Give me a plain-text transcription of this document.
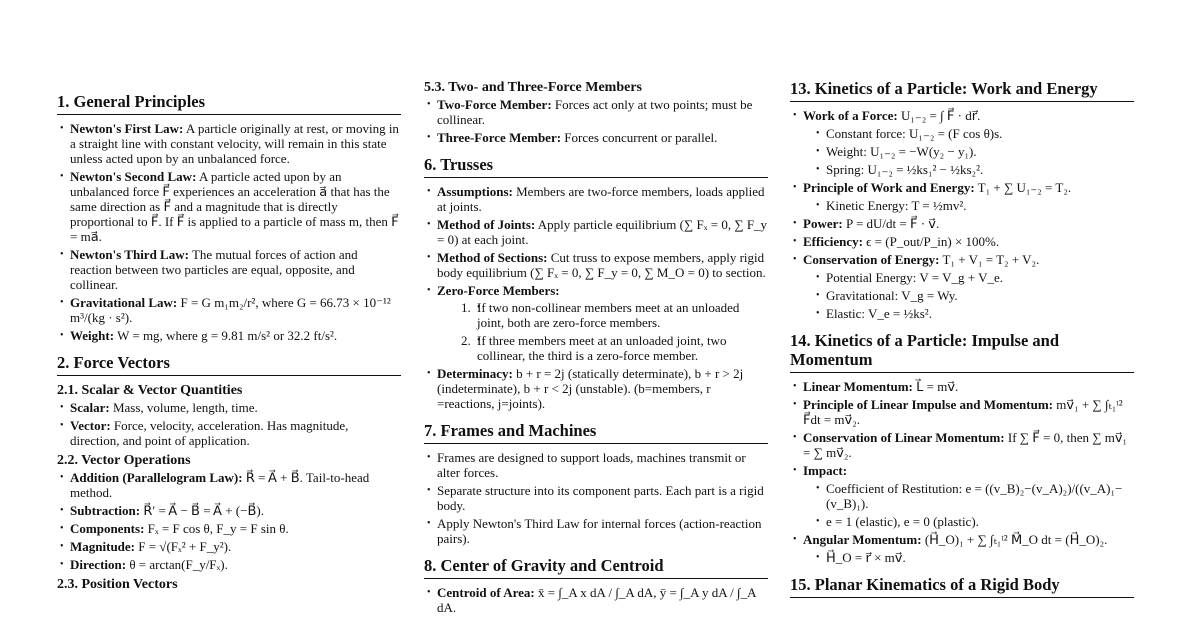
1. General Principles
• Newton's First Law: A particle originally at rest, or moving in a straight line with constant velocity, will remain in this state unless acted upon by an unbalanced force.
• Newton's Second Law: A particle acted upon by an unbalanced force F⃗ experiences an acceleration a⃗ that has the same direction as F⃗ and a magnitude that is directly proportional to F⃗. If F⃗ is applied to a particle of mass m, then F⃗ = ma⃗.
• Newton's Third Law: The mutual forces of action and reaction between two particles are equal, opposite, and collinear.
• Gravitational Law: F = G m₁m₂/r², where G = 66.73 × 10⁻¹² m³/(kg · s²).
• Weight: W = mg, where g = 9.81 m/s² or 32.2 ft/s².
2. Force Vectors
2.1. Scalar & Vector Quantities
• Scalar: Mass, volume, length, time.
• Vector: Force, velocity, acceleration. Has magnitude, direction, and point of application.
2.2. Vector Operations
• Addition (Parallelogram Law): R⃗ = A⃗ + B⃗. Tail-to-head method.
• Subtraction: R⃗′ = A⃗ − B⃗ = A⃗ + (−B⃗).
• Components: Fₓ = F cos θ, F_y = F sin θ.
• Magnitude: F = √(Fₓ² + F_y²).
• Direction: θ = arctan(F_y/Fₓ).
2.3. Position Vectors
5.3. Two- and Three-Force Members
• Two-Force Member: Forces act only at two points; must be collinear.
• Three-Force Member: Forces concurrent or parallel.
6. Trusses
• Assumptions: Members are two-force members, loads applied at joints.
• Method of Joints: Apply particle equilibrium (∑ Fₓ = 0, ∑ F_y = 0) at each joint.
• Method of Sections: Cut truss to expose members, apply rigid body equilibrium (∑ Fₓ = 0, ∑ F_y = 0, ∑ M_O = 0) to section.
• Zero-Force Members:
• 1. If two non-collinear members meet at an unloaded joint, both are zero-force members.
• 2. If three members meet at an unloaded joint, two collinear, the third is a zero-force member.
• Determinacy: b + r = 2j (statically determinate), b + r > 2j (indeterminate), b + r < 2j (unstable). (b=members, r =reactions, j=joints).
7. Frames and Machines
• Frames are designed to support loads, machines transmit or alter forces.
• Separate structure into its component parts. Each part is a rigid body.
• Apply Newton's Third Law for internal forces (action-reaction pairs).
8. Center of Gravity and Centroid
• Centroid of Area: x̄ = ∫_A x dA / ∫_A dA, ȳ = ∫_A y dA / ∫_A dA.
13. Kinetics of a Particle: Work and Energy
• Work of a Force: U₁₋₂ = ∫ F⃗ · dr⃗.
• Constant force: U₁₋₂ = (F cos θ)s.
• Weight: U₁₋₂ = −W(y₂ − y₁).
• Spring: U₁₋₂ = ½ks₁² − ½ks₂².
• Principle of Work and Energy: T₁ + ∑ U₁₋₂ = T₂.
• Kinetic Energy: T = ½mv².
• Power: P = dU/dt = F⃗ · v⃗.
• Efficiency: ϵ = (P_out/P_in) × 100%.
• Conservation of Energy: T₁ + V₁ = T₂ + V₂.
• Potential Energy: V = V_g + V_e.
• Gravitational: V_g = Wy.
• Elastic: V_e = ½ks².
14. Kinetics of a Particle: Impulse and Momentum
• Linear Momentum: L⃗ = mv⃗.
• Principle of Linear Impulse and Momentum: mv⃗₁ + ∑ ∫ₜ₁ᵗ² F⃗dt = mv⃗₂.
• Conservation of Linear Momentum: If ∑ F⃗ = 0, then ∑ mv⃗₁ = ∑ mv⃗₂.
• Impact:
• Coefficient of Restitution: e = ((v_B)₂−(v_A)₂)/((v_A)₁−(v_B)₁).
• e = 1 (elastic), e = 0 (plastic).
• Angular Momentum: (H⃗_O)₁ + ∑ ∫ₜ₁ᵗ² M⃗_O dt = (H⃗_O)₂.
• H⃗_O = r⃗ × mv⃗.
15. Planar Kinematics of a Rigid Body
